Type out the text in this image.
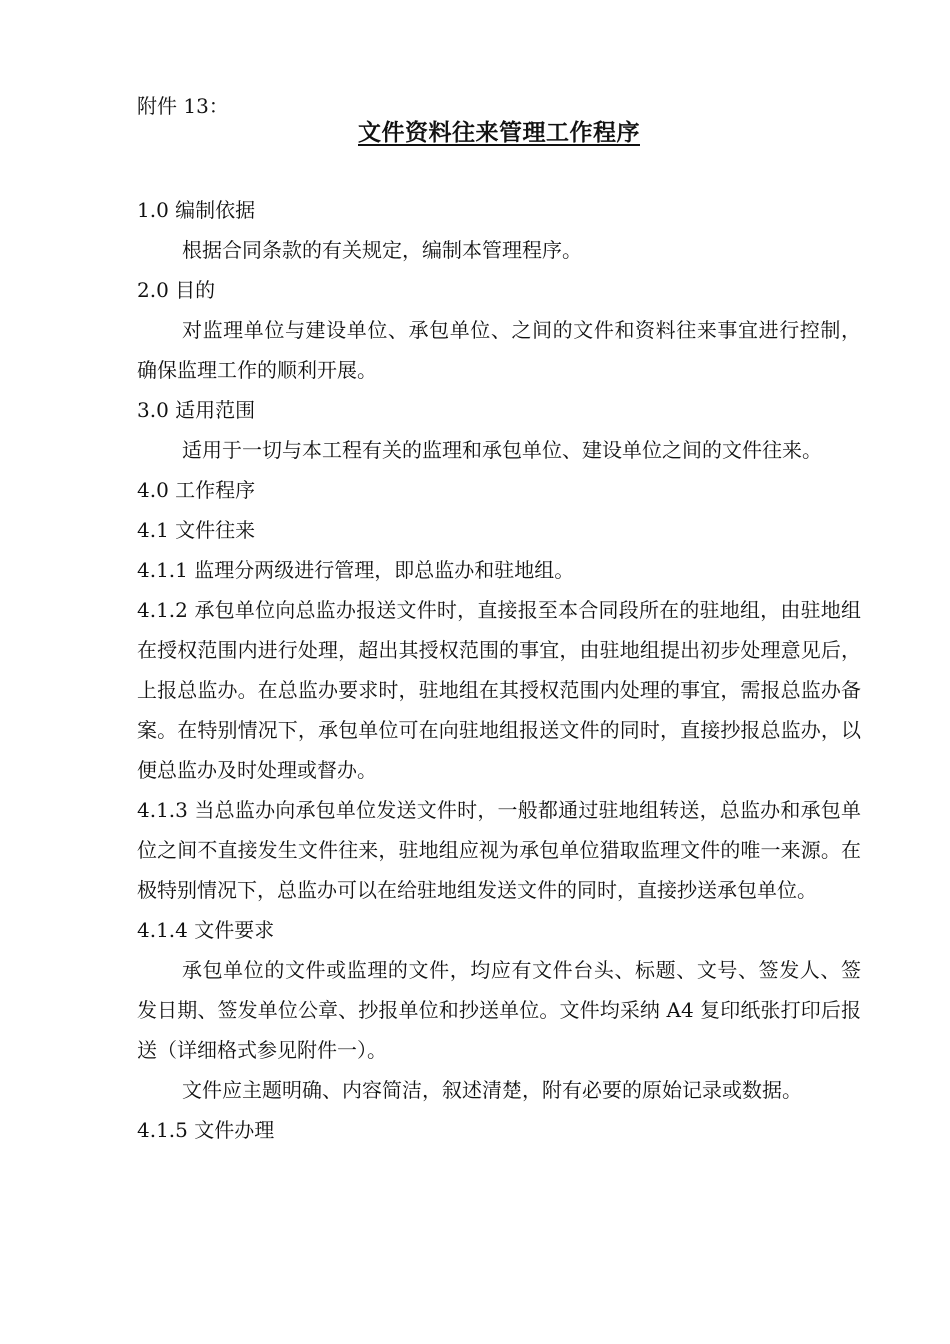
附件 13：
文件资料往来管理工作程序

1.0 编制依据

根据合同条款的有关规定，编制本管理程序。

2.0 目的

对监理单位与建设单位、承包单位、之间的文件和资料往来事宜进行控制，确保监理工作的顺利开展。

3.0 适用范围

适用于一切与本工程有关的监理和承包单位、建设单位之间的文件往来。

4.0 工作程序

4.1 文件往来

4.1.1 监理分两级进行管理，即总监办和驻地组。

4.1.2 承包单位向总监办报送文件时，直接报至本合同段所在的驻地组，由驻地组在授权范围内进行处理，超出其授权范围的事宜，由驻地组提出初步处理意见后，上报总监办。在总监办要求时，驻地组在其授权范围内处理的事宜，需报总监办备案。在特别情况下，承包单位可在向驻地组报送文件的同时，直接抄报总监办，以便总监办及时处理或督办。

4.1.3 当总监办向承包单位发送文件时，一般都通过驻地组转送，总监办和承包单位之间不直接发生文件往来，驻地组应视为承包单位猎取监理文件的唯一来源。在极特别情况下，总监办可以在给驻地组发送文件的同时，直接抄送承包单位。

4.1.4 文件要求

承包单位的文件或监理的文件，均应有文件台头、标题、文号、签发人、签发日期、签发单位公章、抄报单位和抄送单位。文件均采纳 A4 复印纸张打印后报送（详细格式参见附件一）。

文件应主题明确、内容简洁，叙述清楚，附有必要的原始记录或数据。

4.1.5 文件办理
